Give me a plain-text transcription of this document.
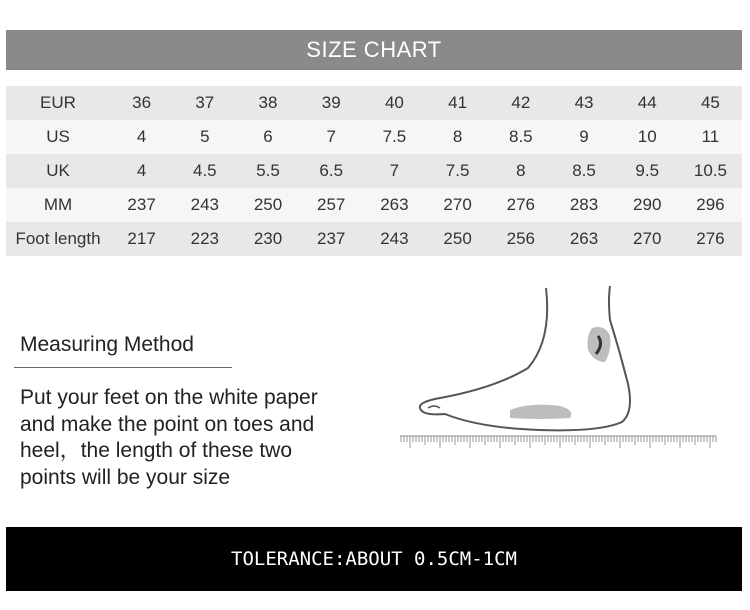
SIZE CHART
EUR	36	37	38	39	40	41	42	43	44	45
US	4	5	6	7	7.5	8	8.5	9	10	11
UK	4	4.5	5.5	6.5	7	7.5	8	8.5	9.5	10.5
MM	237	243	250	257	263	270	276	283	290	296
Foot length	217	223	230	237	243	250	256	263	270	276
Measuring Method
Put your feet on the white paper
and make the point on toes and
heel，the length of these two
points will be your size
TOLERANCE:ABOUT 0.5CM-1CM
